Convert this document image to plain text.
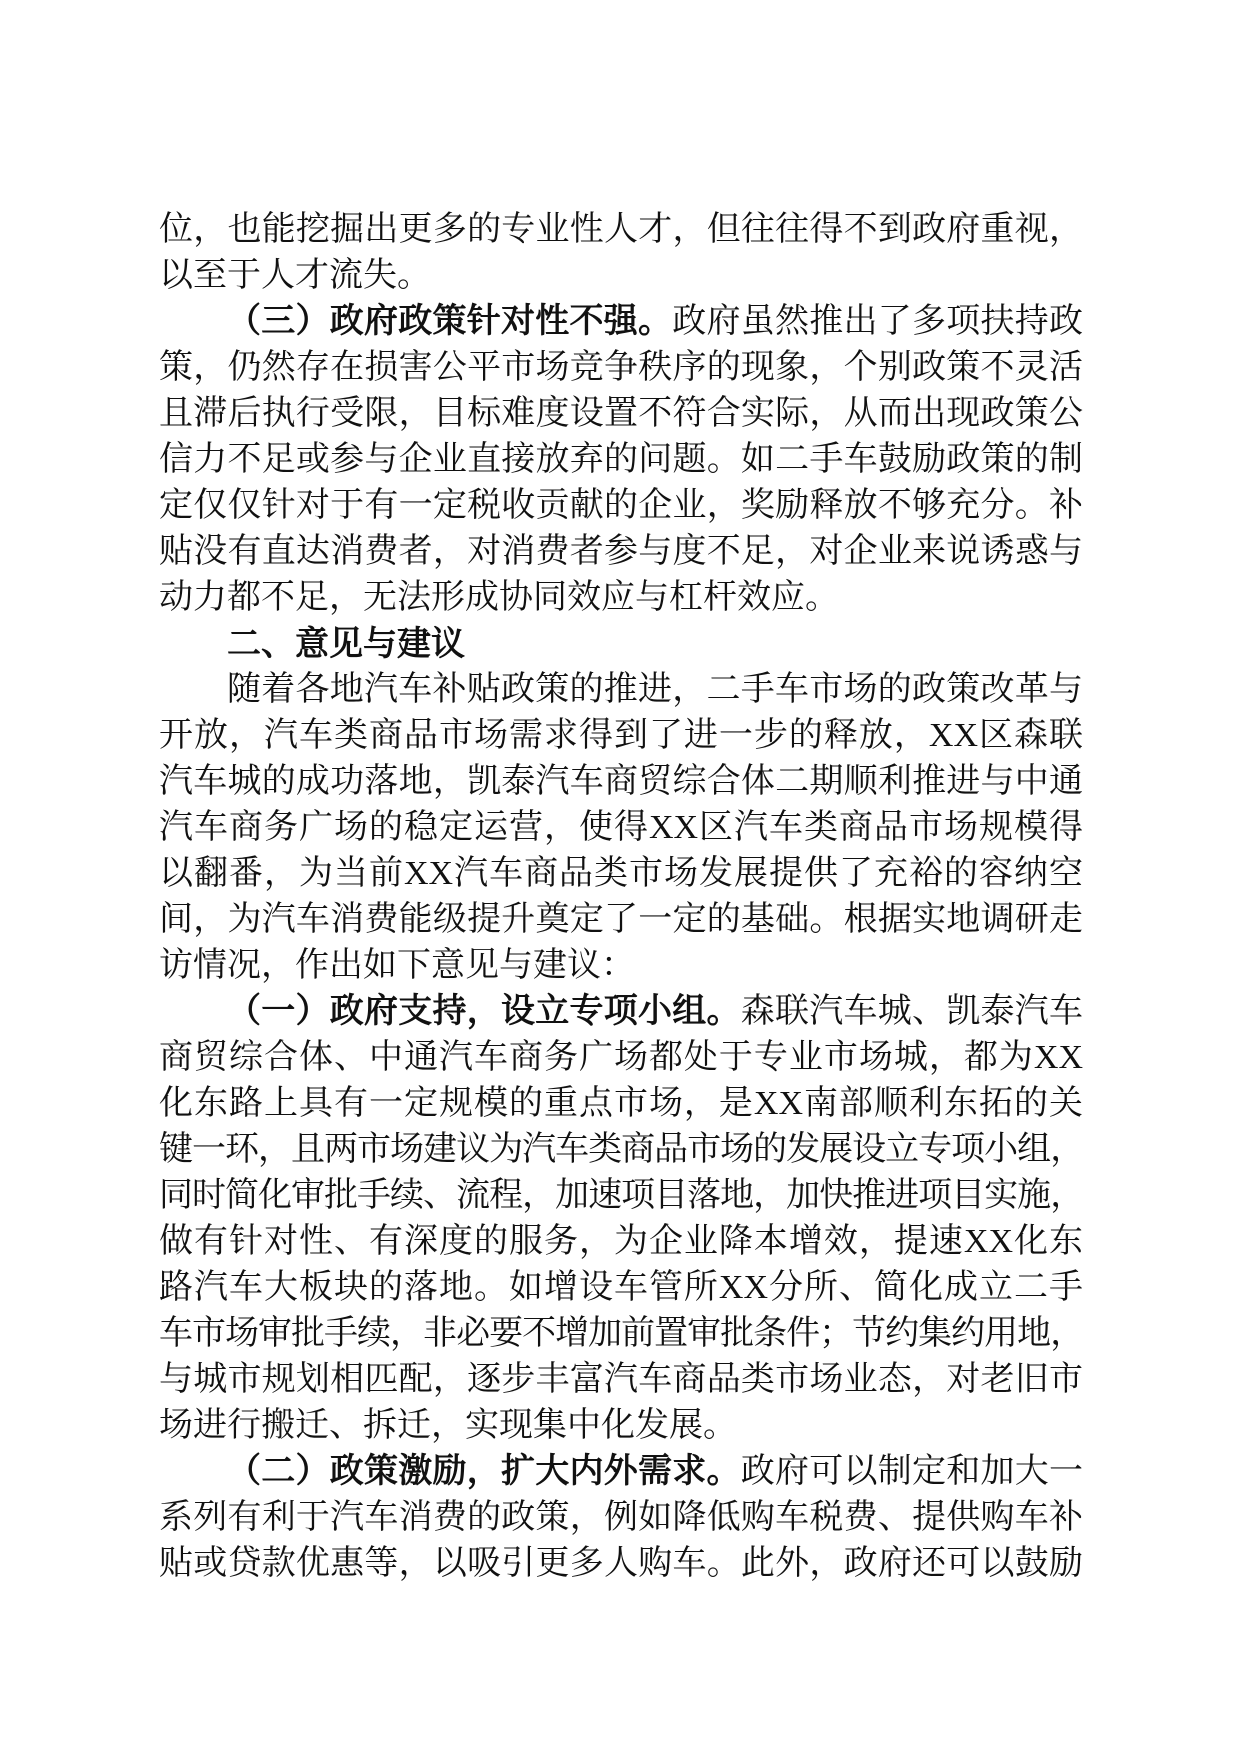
位，也能挖掘出更多的专业性人才，但往往得不到政府重视，
以至于人才流失。
（三）政府政策针对性不强。政府虽然推出了多项扶持政
策，仍然存在损害公平市场竞争秩序的现象，个别政策不灵活
且滞后执行受限，目标难度设置不符合实际，从而出现政策公
信力不足或参与企业直接放弃的问题。如二手车鼓励政策的制
定仅仅针对于有一定税收贡献的企业，奖励释放不够充分。补
贴没有直达消费者，对消费者参与度不足，对企业来说诱惑与
动力都不足，无法形成协同效应与杠杆效应。
二、意见与建议
随着各地汽车补贴政策的推进，二手车市场的政策改革与
开放，汽车类商品市场需求得到了进一步的释放，XX区森联
汽车城的成功落地，凯泰汽车商贸综合体二期顺利推进与中通
汽车商务广场的稳定运营，使得XX区汽车类商品市场规模得
以翻番，为当前XX汽车商品类市场发展提供了充裕的容纳空
间，为汽车消费能级提升奠定了一定的基础。根据实地调研走
访情况，作出如下意见与建议：
（一）政府支持，设立专项小组。森联汽车城、凯泰汽车
商贸综合体、中通汽车商务广场都处于专业市场城，都为XX
化东路上具有一定规模的重点市场，是XX南部顺利东拓的关
键一环，且两市场建议为汽车类商品市场的发展设立专项小组，
同时简化审批手续、流程，加速项目落地，加快推进项目实施，
做有针对性、有深度的服务，为企业降本增效，提速XX化东
路汽车大板块的落地。如增设车管所XX分所、简化成立二手
车市场审批手续，非必要不增加前置审批条件；节约集约用地，
与城市规划相匹配，逐步丰富汽车商品类市场业态，对老旧市
场进行搬迁、拆迁，实现集中化发展。
（二）政策激励，扩大内外需求。政府可以制定和加大一
系列有利于汽车消费的政策，例如降低购车税费、提供购车补
贴或贷款优惠等，以吸引更多人购车。此外，政府还可以鼓励
